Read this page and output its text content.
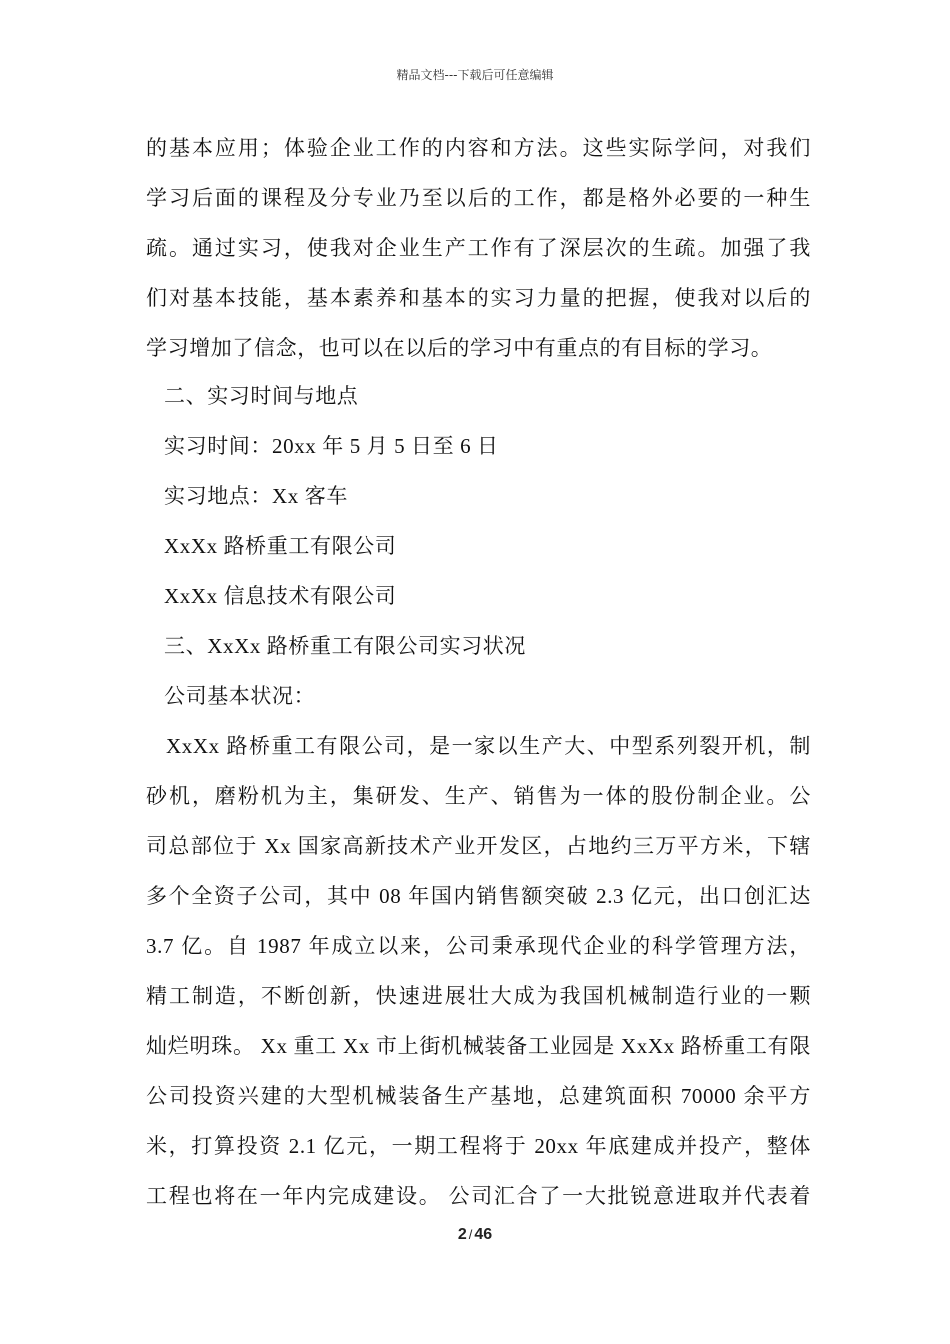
精品文档---下载后可任意编辑
的基本应用；体验企业工作的内容和方法。这些实际学问，对我们
学习后面的课程及分专业乃至以后的工作，都是格外必要的一种生
疏。通过实习，使我对企业生产工作有了深层次的生疏。加强了我
们对基本技能，基本素养和基本的实习力量的把握，使我对以后的
学习增加了信念，也可以在以后的学习中有重点的有目标的学习。
二、实习时间与地点
实习时间：20xx 年 5 月 5 日至 6 日
实习地点：Xx 客车
XxXx 路桥重工有限公司
XxXx 信息技术有限公司
三、XxXx 路桥重工有限公司实习状况
公司基本状况：
XxXx 路桥重工有限公司，是一家以生产大、中型系列裂开机，制
砂机，磨粉机为主，集研发、生产、销售为一体的股份制企业。公
司总部位于 Xx 国家高新技术产业开发区，占地约三万平方米，下辖
多个全资子公司，其中 08 年国内销售额突破 2.3 亿元，出口创汇达
3.7 亿。自 1987 年成立以来，公司秉承现代企业的科学管理方法，
精工制造，不断创新，快速进展壮大成为我国机械制造行业的一颗
灿烂明珠。 Xx 重工 Xx 市上街机械装备工业园是 XxXx 路桥重工有限
公司投资兴建的大型机械装备生产基地，总建筑面积 70000 余平方
米，打算投资 2.1 亿元，一期工程将于 20xx 年底建成并投产，整体
工程也将在一年内完成建设。 公司汇合了一大批锐意进取并代表着
2 / 46
